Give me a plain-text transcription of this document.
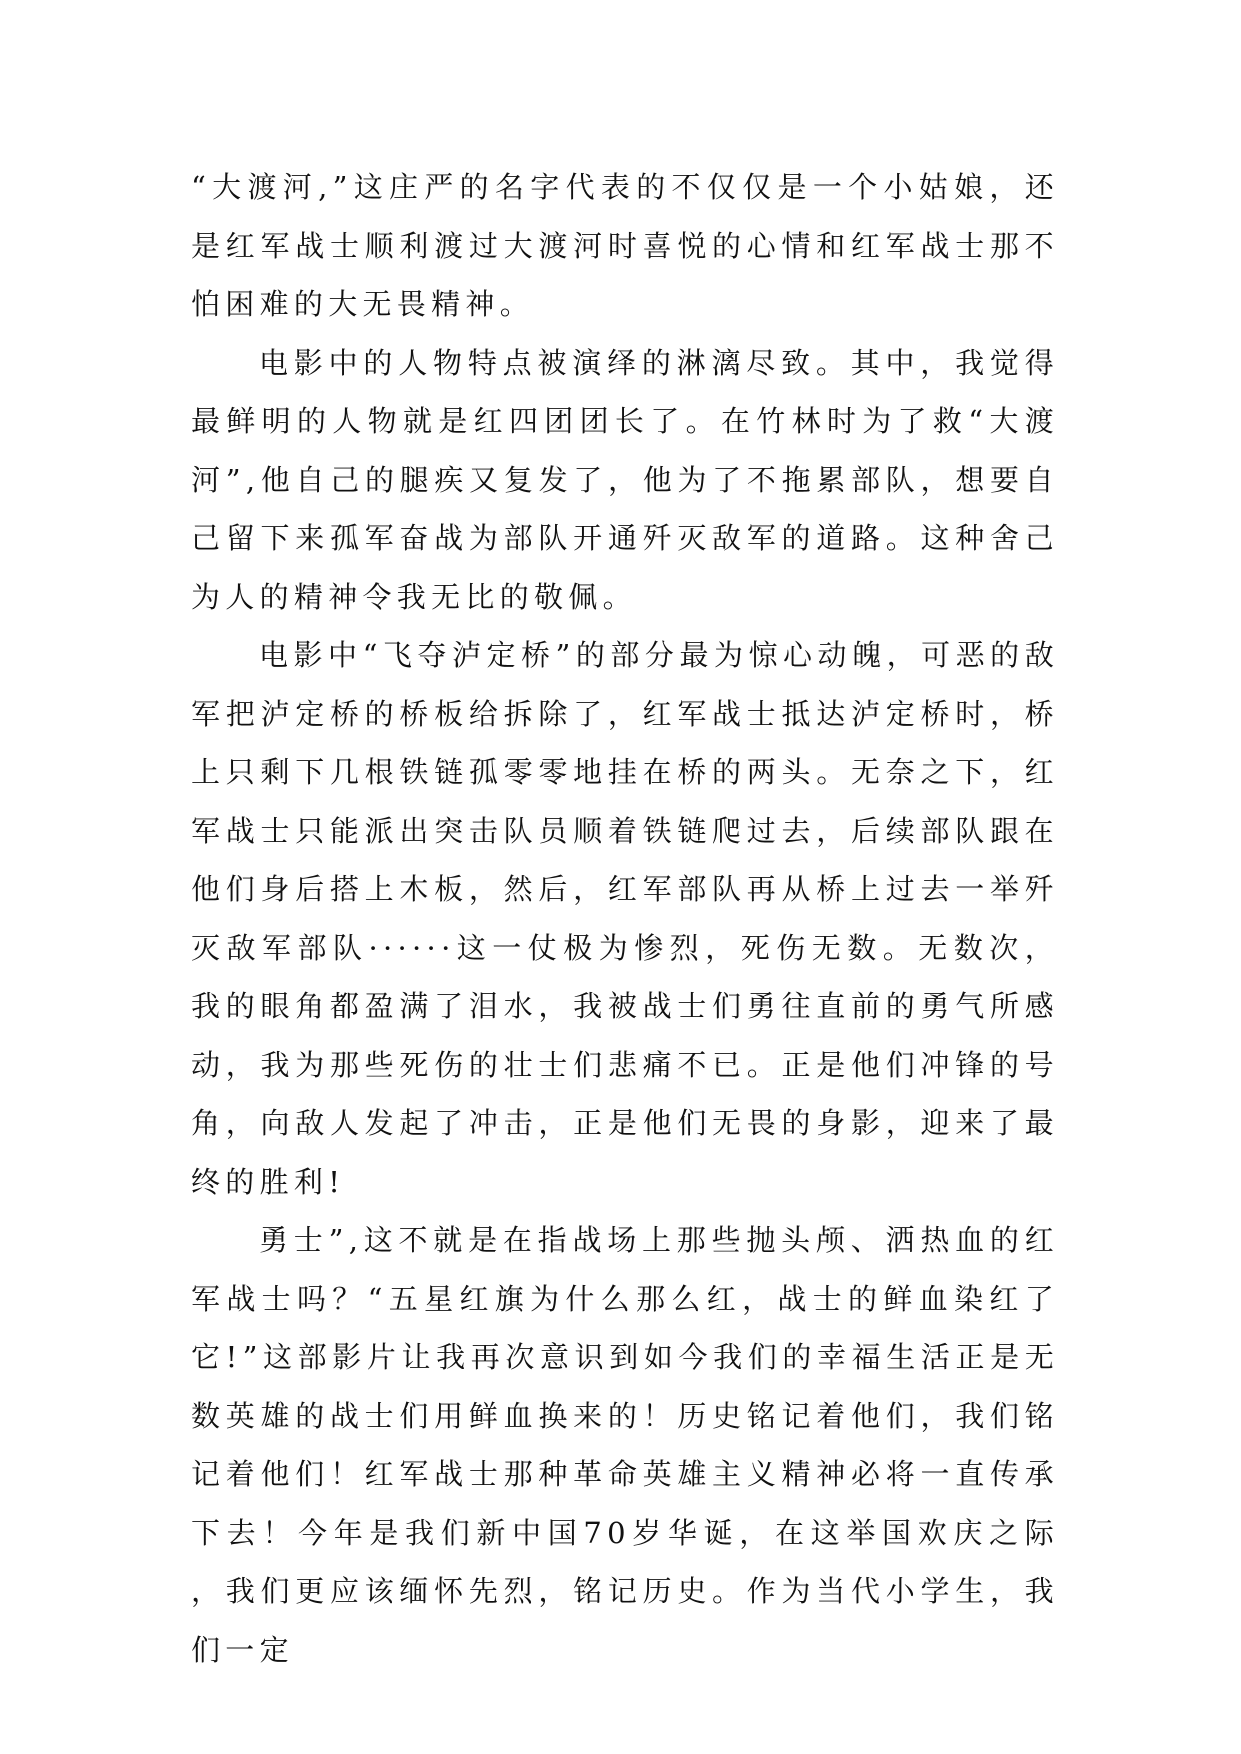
“大渡河,”这庄严的名字代表的不仅仅是一个小姑娘，还是红军战士顺利渡过大渡河时喜悦的心情和红军战士那不怕困难的大无畏精神。

电影中的人物特点被演绎的淋漓尽致。其中，我觉得最鲜明的人物就是红四团团长了。在竹林时为了救“大渡河”,他自己的腿疾又复发了，他为了不拖累部队，想要自己留下来孤军奋战为部队开通歼灭敌军的道路。这种舍己为人的精神令我无比的敬佩。

电影中“飞夺泸定桥”的部分最为惊心动魄，可恶的敌军把泸定桥的桥板给拆除了，红军战士抵达泸定桥时，桥上只剩下几根铁链孤零零地挂在桥的两头。无奈之下，红军战士只能派出突击队员顺着铁链爬过去，后续部队跟在他们身后搭上木板，然后，红军部队再从桥上过去一举歼灭敌军部队······这一仗极为惨烈，死伤无数。无数次，我的眼角都盈满了泪水，我被战士们勇往直前的勇气所感动，我为那些死伤的壮士们悲痛不已。正是他们冲锋的号角，向敌人发起了冲击，正是他们无畏的身影，迎来了最终的胜利!

勇士”,这不就是在指战场上那些抛头颅、洒热血的红军战士吗？“五星红旗为什么那么红，战士的鲜血染红了它!”这部影片让我再次意识到如今我们的幸福生活正是无数英雄的战士们用鲜血换来的！历史铭记着他们，我们铭记着他们！红军战士那种革命英雄主义精神必将一直传承下去！今年是我们新中国70岁华诞，在这举国欢庆之际，我们更应该缅怀先烈，铭记历史。作为当代小学生，我们一定
